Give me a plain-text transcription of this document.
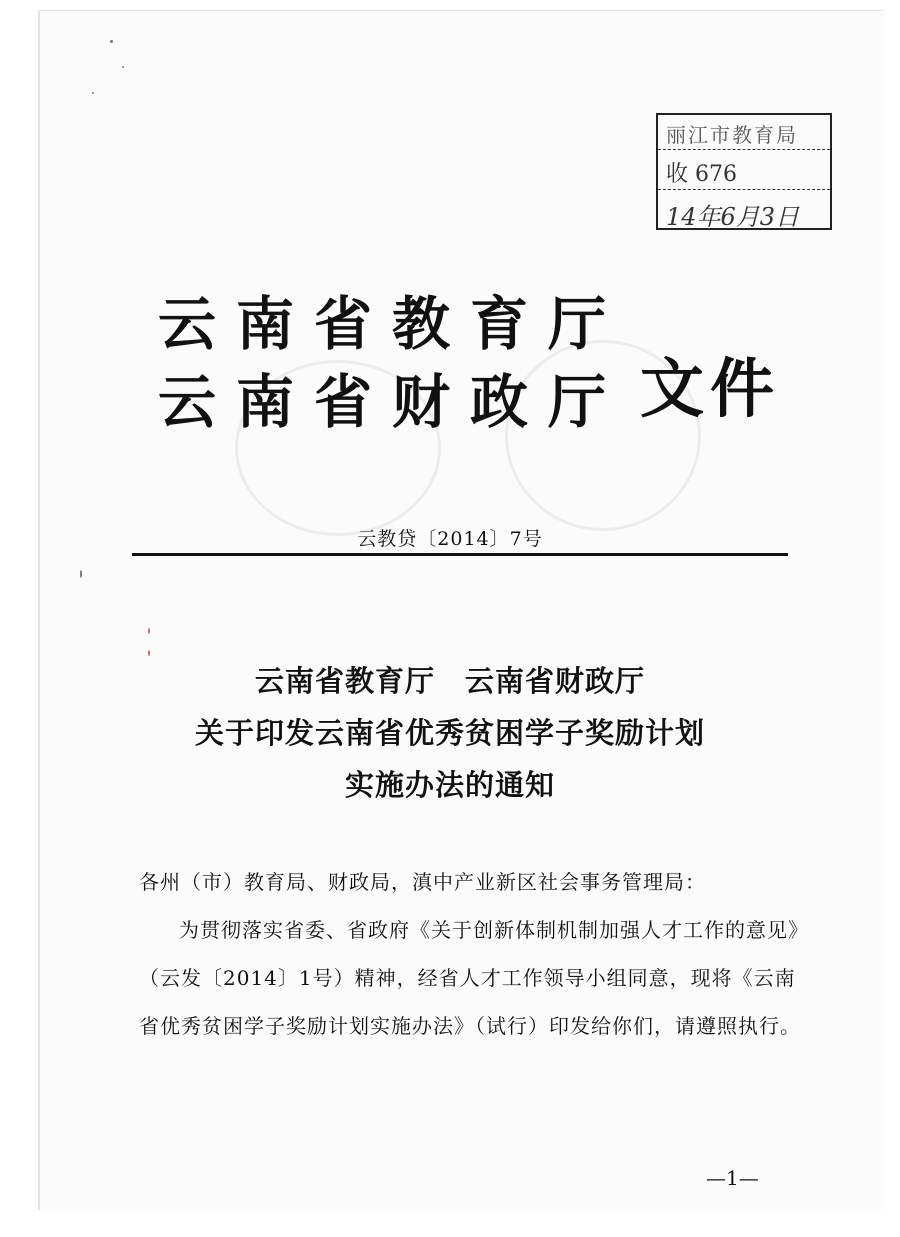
丽江市教育局
收 676
14年6月3日
云南省教育厅
云南省财政厅 文件
云教贷〔2014〕7号
云南省教育厅　云南省财政厅
关于印发云南省优秀贫困学子奖励计划
实施办法的通知

各州（市）教育局、财政局，滇中产业新区社会事务管理局：

为贯彻落实省委、省政府《关于创新体制机制加强人才工作的意见》（云发〔2014〕1号）精神，经省人才工作领导小组同意，现将《云南省优秀贫困学子奖励计划实施办法》（试行）印发给你们，请遵照执行。

—1—
